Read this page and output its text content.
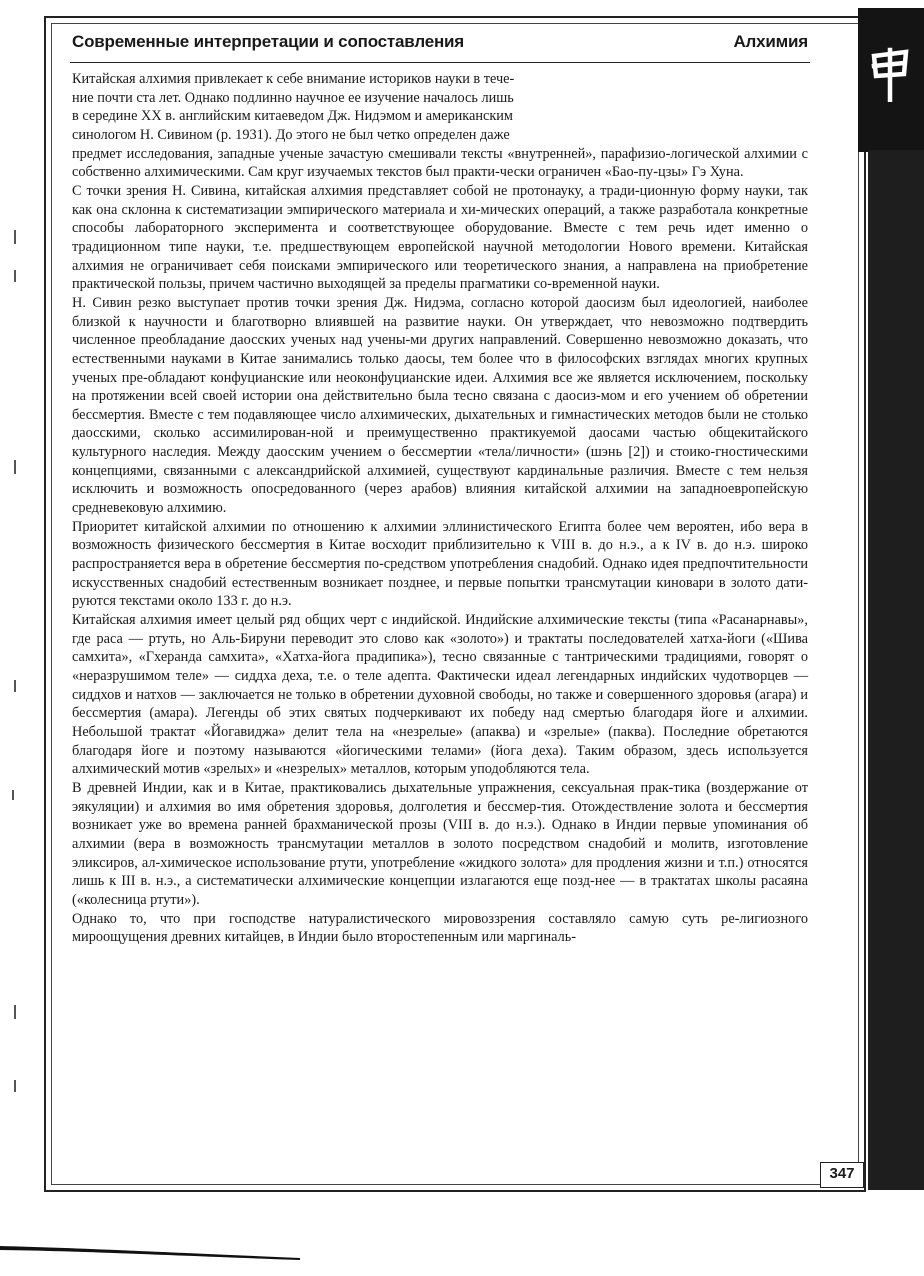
Современные интерпретации и сопоставления	Алхимия

Китайская алхимия привлекает к себе внимание историков науки в тече-
ние почти ста лет. Однако подлинно научное ее изучение началось лишь
в середине XX в. английским китаеведом Дж. Нидэмом и американским
синологом Н. Сивином (р. 1931). До этого не был четко определен даже

предмет исследования, западные ученые зачастую смешивали тексты «внутренней», парафизио-логической алхимии с собственно алхимическими. Сам круг изучаемых текстов был практи-чески ограничен «Бао-пу-цзы» Гэ Хуна.

С точки зрения Н. Сивина, китайская алхимия представляет собой не протонауку, а тради-ционную форму науки, так как она склонна к систематизации эмпирического материала и хи-мических операций, а также разработала конкретные способы лабораторного эксперимента и соответствующее оборудование. Вместе с тем речь идет именно о традиционном типе науки, т.е. предшествующем европейской научной методологии Нового времени. Китайская алхимия не ограничивает себя поисками эмпирического или теоретического знания, а направлена на приобретение практической пользы, причем частично выходящей за пределы прагматики со-временной науки.

Н. Сивин резко выступает против точки зрения Дж. Нидэма, согласно которой даосизм был идеологией, наиболее близкой к научности и благотворно влиявшей на развитие науки. Он утверждает, что невозможно подтвердить численное преобладание даосских ученых над учены-ми других направлений. Совершенно невозможно доказать, что естественными науками в Китае занимались только даосы, тем более что в философских взглядах многих крупных ученых пре-обладают конфуцианские или неоконфуцианские идеи. Алхимия все же является исключением, поскольку на протяжении всей своей истории она действительно была тесно связана с даосиз-мом и его учением об обретении бессмертия. Вместе с тем подавляющее число алхимических, дыхательных и гимнастических методов были не столько даосскими, сколько ассимилирован-ной и преимущественно практикуемой даосами частью общекитайского культурного наследия. Между даосским учением о бессмертии «тела/личности» (шэнь [2]) и стоико-гностическими концепциями, связанными с александрийской алхимией, существуют кардинальные различия. Вместе с тем нельзя исключить и возможность опосредованного (через арабов) влияния китайской алхимии на западноевропейскую средневековую алхимию.

Приоритет китайской алхимии по отношению к алхимии эллинистического Египта более чем вероятен, ибо вера в возможность физического бессмертия в Китае восходит приблизительно к VIII в. до н.э., а к IV в. до н.э. широко распространяется вера в обретение бессмертия по-средством употребления снадобий. Однако идея предпочтительности искусственных снадобий естественным возникает позднее, и первые попытки трансмутации киновари в золото дати-руются текстами около 133 г. до н.э.

Китайская алхимия имеет целый ряд общих черт с индийской. Индийские алхимические тексты (типа «Расанарнавы», где раса — ртуть, но Аль-Бируни переводит это слово как «золото») и трактаты последователей хатха-йоги («Шива самхита», «Гхеранда самхита», «Хатха-йога прадипика»), тесно связанные с тантрическими традициями, говорят о «неразрушимом теле» — сиддха деха, т.е. о теле адепта. Фактически идеал легендарных индийских чудотворцев — сиддхов и натхов — заключается не только в обретении духовной свободы, но также и совершенного здоровья (агара) и бессмертия (амара). Легенды об этих святых подчеркивают их победу над смертью благодаря йоге и алхимии. Небольшой трактат «Йогавиджа» делит тела на «незрелые» (апаква) и «зрелые» (паква). Последние обретаются благодаря йоге и поэтому называются «йогическими телами» (йога деха). Таким образом, здесь используется алхимический мотив «зрелых» и «незрелых» металлов, которым уподобляются тела.

В древней Индии, как и в Китае, практиковались дыхательные упражнения, сексуальная прак-тика (воздержание от эякуляции) и алхимия во имя обретения здоровья, долголетия и бессмер-тия. Отождествление золота и бессмертия возникает уже во времена ранней брахманической прозы (VIII в. до н.э.). Однако в Индии первые упоминания об алхимии (вера в возможность трансмутации металлов в золото посредством снадобий и молитв, изготовление эликсиров, ал-химическое использование ртути, употребление «жидкого золота» для продления жизни и т.п.) относятся лишь к III в. н.э., а систематически алхимические концепции излагаются еще позд-нее — в трактатах школы расаяна («колесница ртути»).

Однако то, что при господстве натуралистического мировоззрения составляло самую суть ре-лигиозного мироощущения древних китайцев, в Индии было второстепенным или маргиналь-

347
